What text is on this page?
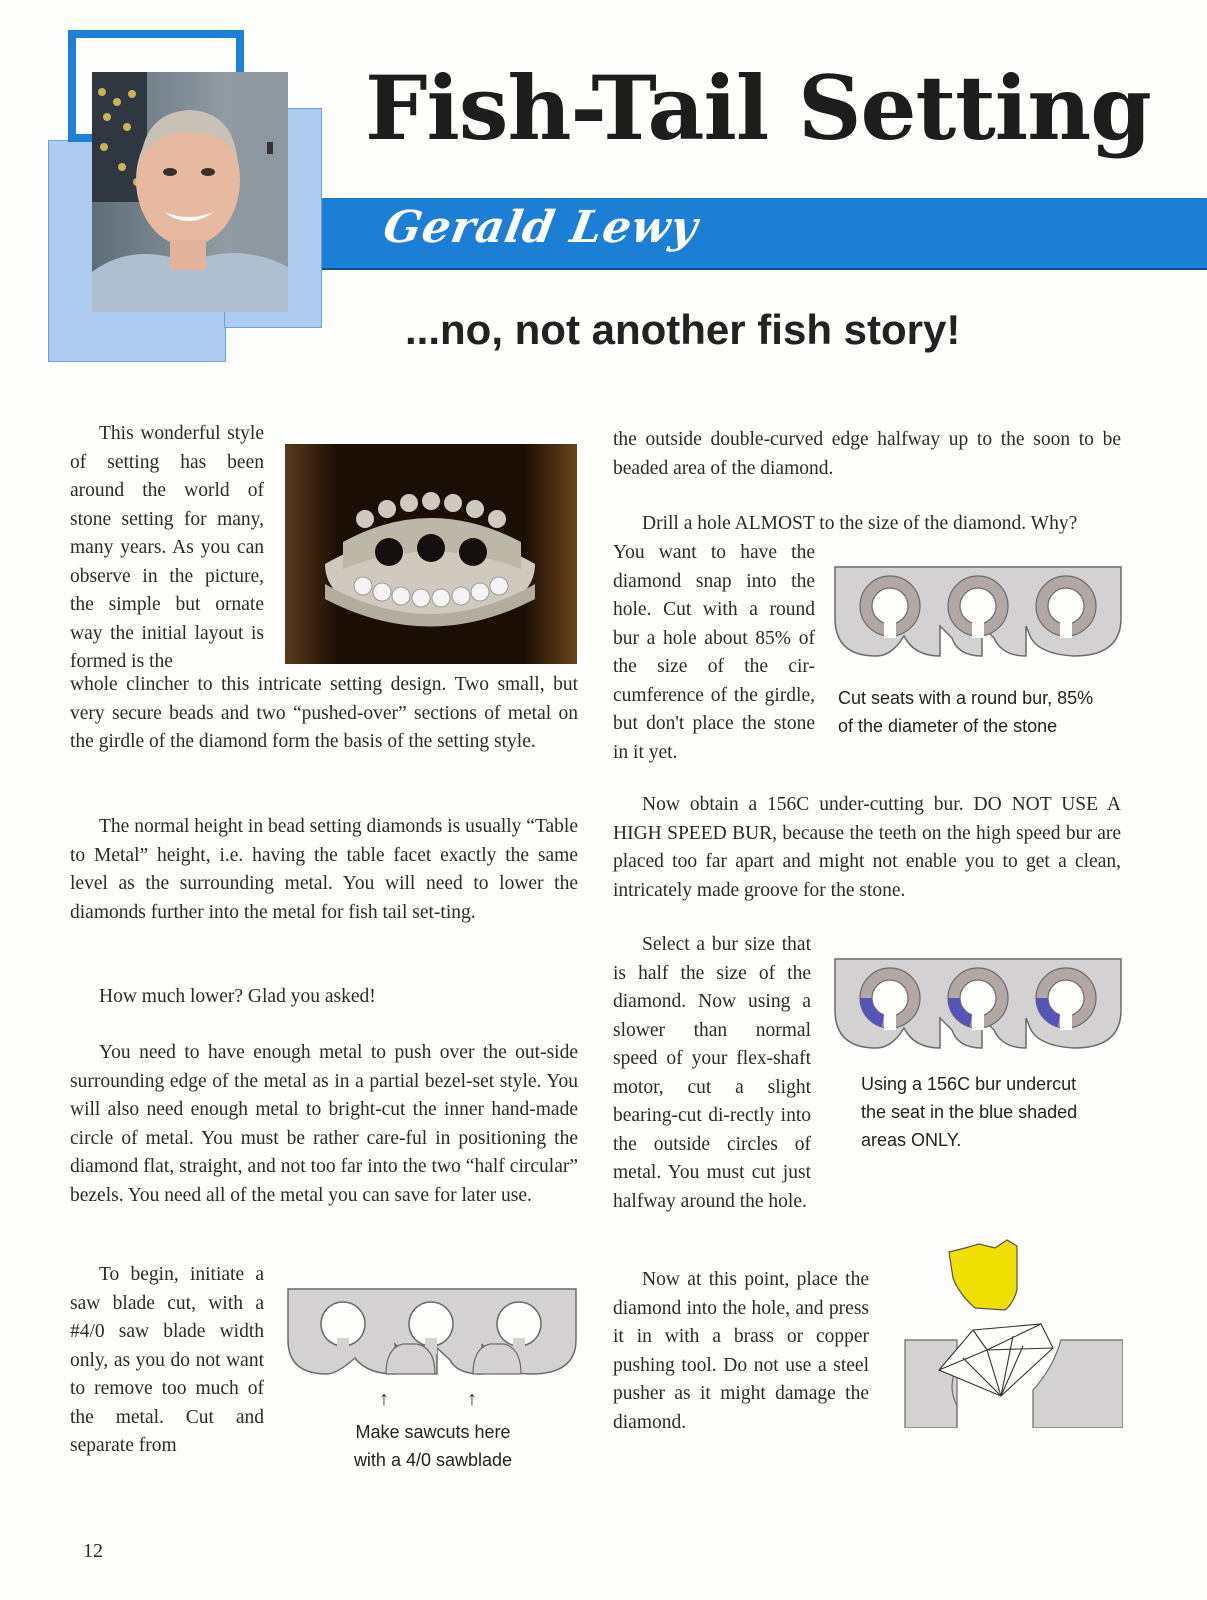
Gerald Lewy
Fish-Tail Setting
...no, not another fish story!

This wonderful style of setting has been around the world of stone setting for many, many years. As you can observe in the picture, the simple but ornate way the initial layout is formed is the

whole clincher to this intricate setting design. Two small, but very secure beads and two “pushed-over” sections of metal on the girdle of the diamond form the basis of the setting style.

The normal height in bead setting diamonds is usually “Table to Metal” height, i.e. having the table facet exactly the same level as the surrounding metal. You will need to lower the diamonds further into the metal for fish tail set-ting.

How much lower? Glad you asked!

You need to have enough metal to push over the out-side surrounding edge of the metal as in a partial bezel-set style. You will also need enough metal to bright-cut the inner hand-made circle of metal. You must be rather care-ful in positioning the diamond flat, straight, and not too far into the two “half circular” bezels. You need all of the metal you can save for later use.

To begin, initiate a saw blade cut, with a #4/0 saw blade width only, as you do not want to remove too much of the metal. Cut and separate from

↑	↑
Make sawcuts here
with a 4/0 sawblade

the outside double-curved edge halfway up to the soon to be beaded area of the diamond.

Drill a hole ALMOST to the size of the diamond. Why?

You want to have the diamond snap into the hole. Cut with a round bur a hole about 85% of the size of the cir-cumference of the girdle, but don't place the stone in it yet.

Cut seats with a round bur, 85%
of the diameter of the stone

Now obtain a 156C under-cutting bur. DO NOT USE A HIGH SPEED BUR, because the teeth on the high speed bur are placed too far apart and might not enable you to get a clean, intricately made groove for the stone.

Select a bur size that is half the size of the diamond. Now using a slower than normal speed of your flex-shaft motor, cut a slight bearing-cut di-rectly into the outside circles of metal. You must cut just halfway around the hole.

Using a 156C bur undercut
the seat in the blue shaded
areas ONLY.

Now at this point, place the diamond into the hole, and press it in with a brass or copper pushing tool. Do not use a steel pusher as it might damage the diamond.

12
